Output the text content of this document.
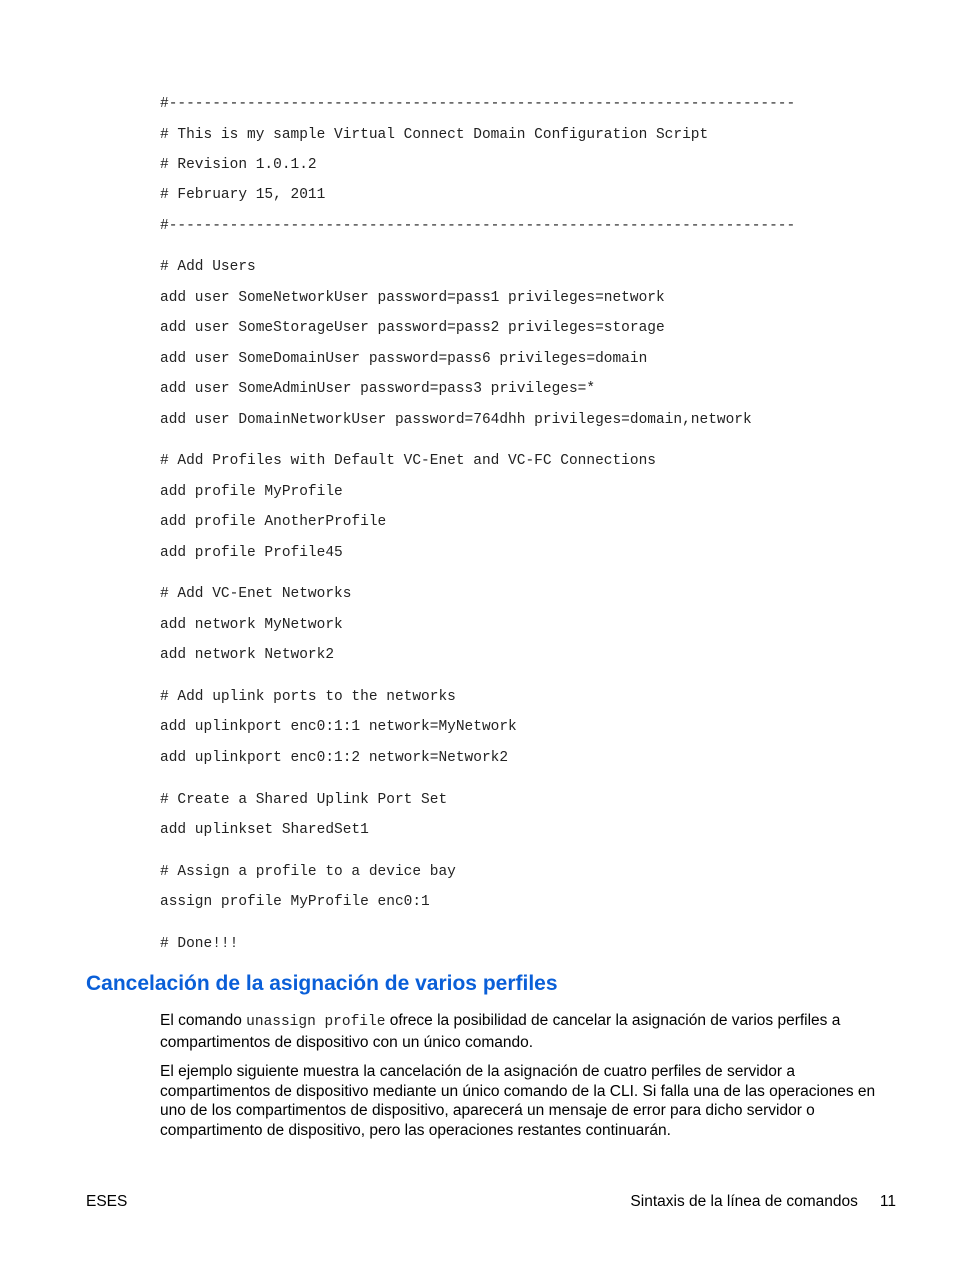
#------------------------------------------------------------------------

# This is my sample Virtual Connect Domain Configuration Script

# Revision 1.0.1.2

# February 15, 2011

#------------------------------------------------------------------------

# Add Users

add user SomeNetworkUser password=pass1 privileges=network

add user SomeStorageUser password=pass2 privileges=storage

add user SomeDomainUser password=pass6 privileges=domain

add user SomeAdminUser password=pass3 privileges=*

add user DomainNetworkUser password=764dhh privileges=domain,network

# Add Profiles with Default VC-Enet and VC-FC Connections

add profile MyProfile

add profile AnotherProfile

add profile Profile45

# Add VC-Enet Networks

add network MyNetwork

add network Network2

# Add uplink ports to the networks

add uplinkport enc0:1:1 network=MyNetwork

add uplinkport enc0:1:2 network=Network2

# Create a Shared Uplink Port Set

add uplinkset SharedSet1

# Assign a profile to a device bay

assign profile MyProfile enc0:1

# Done!!!

Cancelación de la asignación de varios perfiles

El comando unassign profile ofrece la posibilidad de cancelar la asignación de varios perfiles a compartimentos de dispositivo con un único comando.

El ejemplo siguiente muestra la cancelación de la asignación de cuatro perfiles de servidor a compartimentos de dispositivo mediante un único comando de la CLI. Si falla una de las operaciones en uno de los compartimentos de dispositivo, aparecerá un mensaje de error para dicho servidor o compartimento de dispositivo, pero las operaciones restantes continuarán.

ESES	Sintaxis de la línea de comandos 11
